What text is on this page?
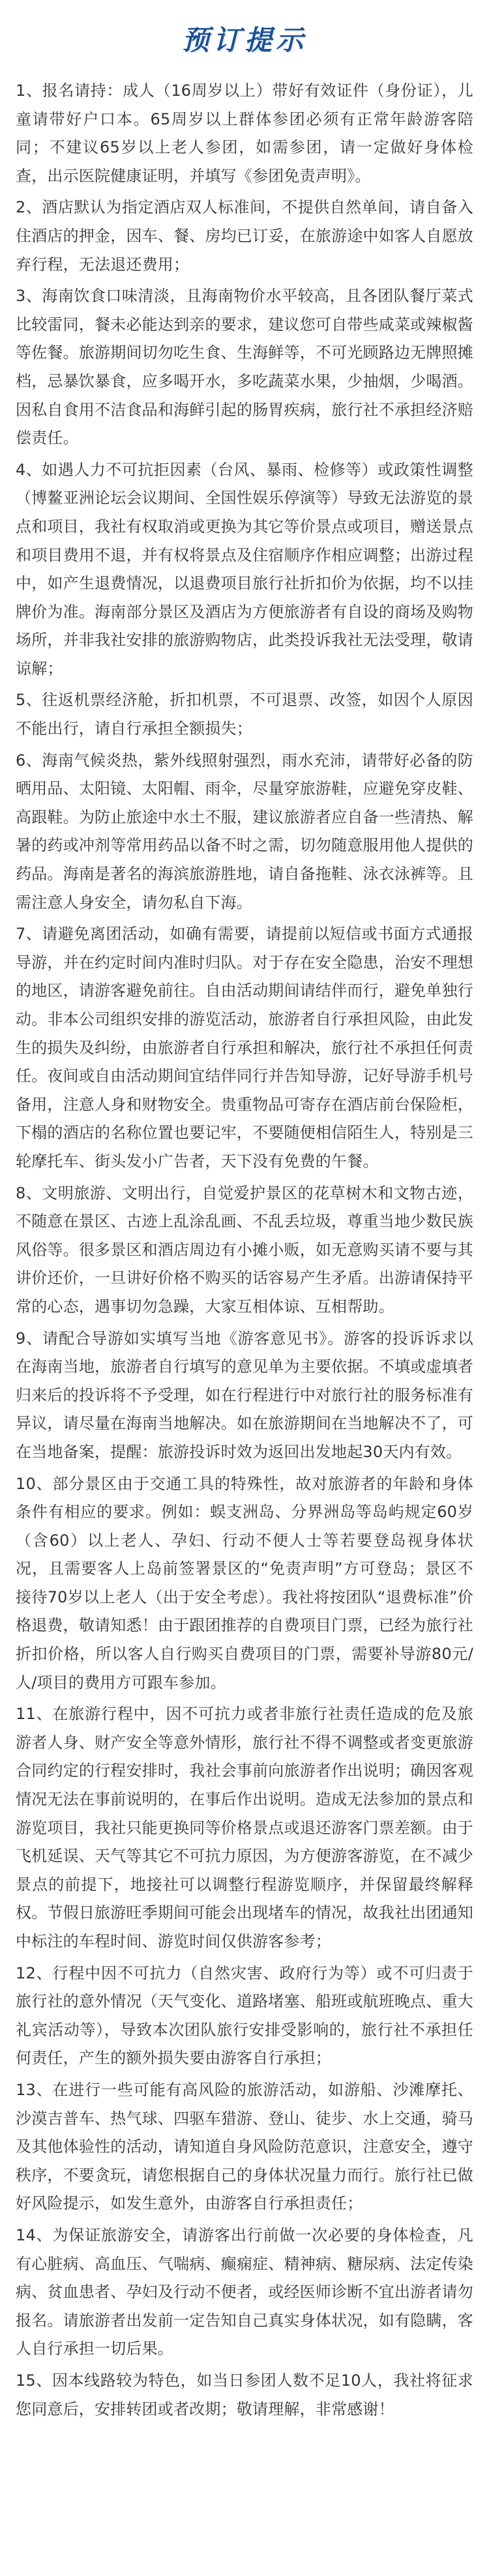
预订提示

1、报名请持：成人（16周岁以上）带好有效证件（身份证），儿童请带好户口本。65周岁以上群体参团必须有正常年龄游客陪同；不建议65岁以上老人参团，如需参团，请一定做好身体检查，出示医院健康证明，并填写《参团免责声明》。

2、酒店默认为指定酒店双人标准间，不提供自然单间，请自备入住酒店的押金，因车、餐、房均已订妥，在旅游途中如客人自愿放弃行程，无法退还费用；

3、海南饮食口味清淡，且海南物价水平较高，且各团队餐厅菜式比较雷同，餐未必能达到亲的要求，建议您可自带些咸菜或辣椒酱等佐餐。旅游期间切勿吃生食、生海鲜等，不可光顾路边无牌照摊档，忌暴饮暴食，应多喝开水，多吃蔬菜水果，少抽烟，少喝酒。因私自食用不洁食品和海鲜引起的肠胃疾病，旅行社不承担经济赔偿责任。

4、如遇人力不可抗拒因素（台风、暴雨、检修等）或政策性调整（博鳌亚洲论坛会议期间、全国性娱乐停演等）导致无法游览的景点和项目，我社有权取消或更换为其它等价景点或项目，赠送景点和项目费用不退，并有权将景点及住宿顺序作相应调整；出游过程中，如产生退费情况，以退费项目旅行社折扣价为依据，均不以挂牌价为准。海南部分景区及酒店为方便旅游者有自设的商场及购物场所，并非我社安排的旅游购物店，此类投诉我社无法受理，敬请谅解；

5、往返机票经济舱，折扣机票，不可退票、改签，如因个人原因不能出行，请自行承担全额损失；

6、海南气候炎热，紫外线照射强烈，雨水充沛，请带好必备的防晒用品、太阳镜、太阳帽、雨伞，尽量穿旅游鞋，应避免穿皮鞋、高跟鞋。为防止旅途中水土不服，建议旅游者应自备一些清热、解暑的药或冲剂等常用药品以备不时之需，切勿随意服用他人提供的药品。海南是著名的海滨旅游胜地，请自备拖鞋、泳衣泳裤等。且需注意人身安全，请勿私自下海。

7、请避免离团活动，如确有需要，请提前以短信或书面方式通报导游，并在约定时间内准时归队。对于存在安全隐患，治安不理想的地区，请游客避免前往。自由活动期间请结伴而行，避免单独行动。非本公司组织安排的游览活动，旅游者自行承担风险，由此发生的损失及纠纷，由旅游者自行承担和解决，旅行社不承担任何责任。夜间或自由活动期间宜结伴同行并告知导游，记好导游手机号备用，注意人身和财物安全。贵重物品可寄存在酒店前台保险柜，下榻的酒店的名称位置也要记牢，不要随便相信陌生人，特别是三轮摩托车、街头发小广告者，天下没有免费的午餐。

8、文明旅游、文明出行，自觉爱护景区的花草树木和文物古迹，不随意在景区、古迹上乱涂乱画、不乱丢垃圾，尊重当地少数民族风俗等。很多景区和酒店周边有小摊小贩，如无意购买请不要与其讲价还价，一旦讲好价格不购买的话容易产生矛盾。出游请保持平常的心态，遇事切勿急躁，大家互相体谅、互相帮助。

9、请配合导游如实填写当地《游客意见书》。游客的投诉诉求以在海南当地，旅游者自行填写的意见单为主要依据。不填或虚填者归来后的投诉将不予受理，如在行程进行中对旅行社的服务标准有异议，请尽量在海南当地解决。如在旅游期间在当地解决不了，可在当地备案，提醒：旅游投诉时效为返回出发地起30天内有效。

10、部分景区由于交通工具的特殊性，故对旅游者的年龄和身体条件有相应的要求。例如：蜈支洲岛、分界洲岛等岛屿规定60岁（含60）以上老人、孕妇、行动不便人士等若要登岛视身体状况，且需要客人上岛前签署景区的“免责声明”方可登岛；景区不接待70岁以上老人（出于安全考虑）。我社将按团队“退费标准”价格退费，敬请知悉！由于跟团推荐的自费项目门票，已经为旅行社折扣价格，所以客人自行购买自费项目的门票，需要补导游80元/人/项目的费用方可跟车参加。

11、在旅游行程中，因不可抗力或者非旅行社责任造成的危及旅游者人身、财产安全等意外情形，旅行社不得不调整或者变更旅游合同约定的行程安排时，我社会事前向旅游者作出说明；确因客观情况无法在事前说明的，在事后作出说明。造成无法参加的景点和游览项目，我社只能更换同等价格景点或退还游客门票差额。由于飞机延误、天气等其它不可抗力原因，为方便游客游览，在不减少景点的前提下，地接社可以调整行程游览顺序，并保留最终解释权。节假日旅游旺季期间可能会出现堵车的情况，故我社出团通知中标注的车程时间、游览时间仅供游客参考；

12、行程中因不可抗力（自然灾害、政府行为等）或不可归责于旅行社的意外情况（天气变化、道路堵塞、船班或航班晚点、重大礼宾活动等），导致本次团队旅行安排受影响的，旅行社不承担任何责任，产生的额外损失要由游客自行承担；

13、在进行一些可能有高风险的旅游活动，如游船、沙滩摩托、沙漠吉普车、热气球、四驱车猎游、登山、徒步、水上交通，骑马及其他体验性的活动，请知道自身风险防范意识，注意安全，遵守秩序，不要贪玩，请您根据自己的身体状况量力而行。旅行社已做好风险提示，如发生意外，由游客自行承担责任；

14、为保证旅游安全，请游客出行前做一次必要的身体检查，凡有心脏病、高血压、气喘病、癫痫症、精神病、糖尿病、法定传染病、贫血患者、孕妇及行动不便者，或经医师诊断不宜出游者请勿报名。请旅游者出发前一定告知自己真实身体状况，如有隐瞒，客人自行承担一切后果。

15、因本线路较为特色，如当日参团人数不足10人，我社将征求您同意后，安排转团或者改期；敬请理解，非常感谢！
